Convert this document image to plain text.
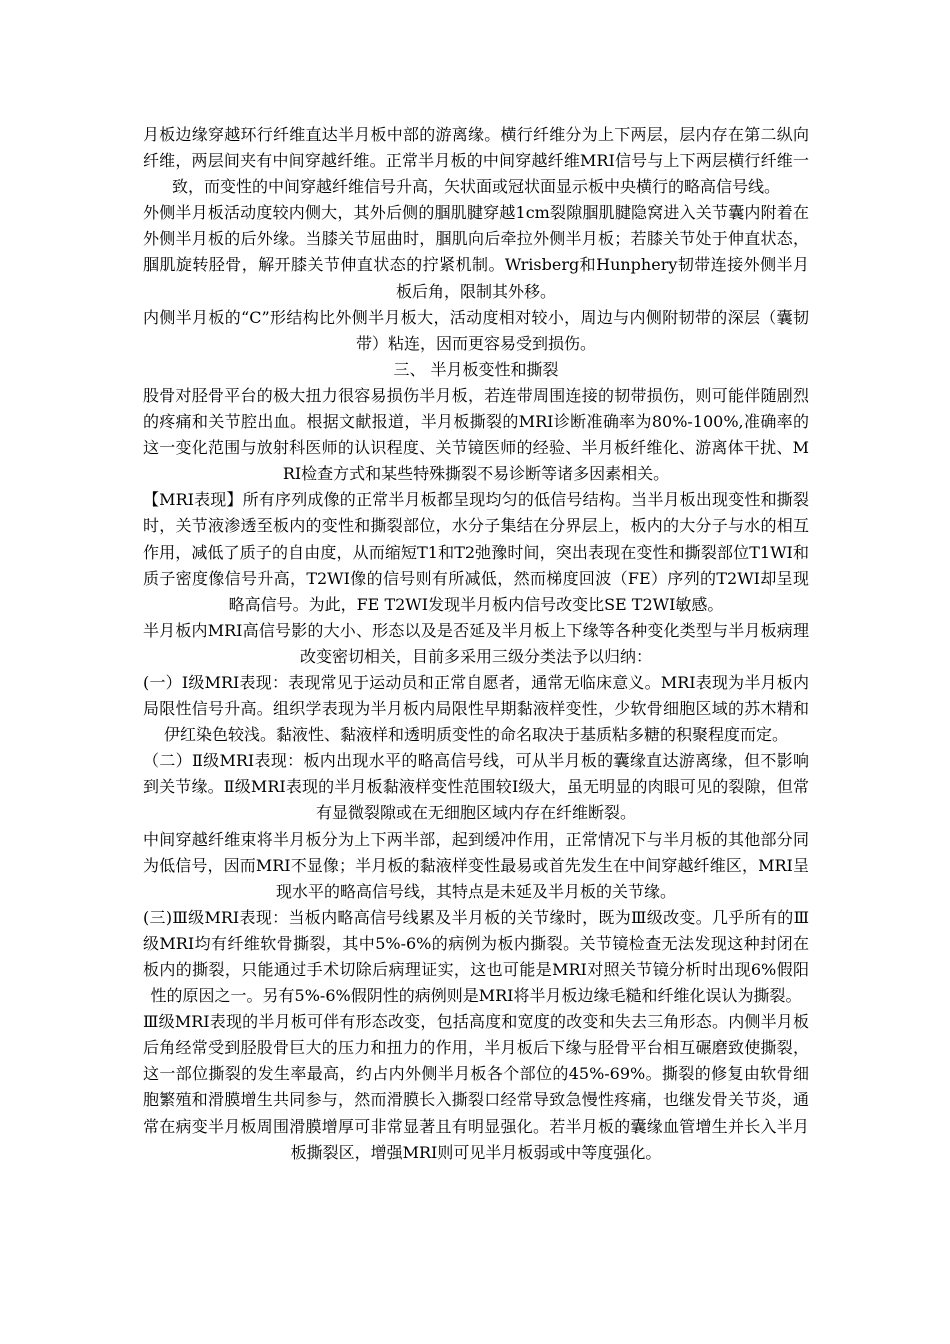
月板边缘穿越环行纤维直达半月板中部的游离缘。横行纤维分为上下两层，层内存在第二纵向纤维，两层间夹有中间穿越纤维。正常半月板的中间穿越纤维MRI信号与上下两层横行纤维一致，而变性的中间穿越纤维信号升高，矢状面或冠状面显示板中央横行的略高信号线。

外侧半月板活动度较内侧大，其外后侧的腘肌腱穿越1cm裂隙腘肌腱隐窝进入关节囊内附着在外侧半月板的后外缘。当膝关节屈曲时，腘肌向后牵拉外侧半月板；若膝关节处于伸直状态，腘肌旋转胫骨，解开膝关节伸直状态的拧紧机制。Wrisberg和Hunphery韧带连接外侧半月板后角，限制其外移。

内侧半月板的“C”形结构比外侧半月板大，活动度相对较小，周边与内侧附韧带的深层（囊韧带）粘连，因而更容易受到损伤。

三、 半月板变性和撕裂

股骨对胫骨平台的极大扭力很容易损伤半月板，若连带周围连接的韧带损伤，则可能伴随剧烈的疼痛和关节腔出血。根据文献报道，半月板撕裂的MRI诊断准确率为80%-100%,准确率的这一变化范围与放射科医师的认识程度、关节镜医师的经验、半月板纤维化、游离体干扰、MRI检查方式和某些特殊撕裂不易诊断等诸多因素相关。

【MRI表现】所有序列成像的正常半月板都呈现均匀的低信号结构。当半月板出现变性和撕裂时，关节液渗透至板内的变性和撕裂部位，水分子集结在分界层上，板内的大分子与水的相互作用，减低了质子的自由度，从而缩短T1和T2弛豫时间，突出表现在变性和撕裂部位T1WI和质子密度像信号升高，T2WI像的信号则有所减低，然而梯度回波（FE）序列的T2WI却呈现略高信号。为此，FE T2WI发现半月板内信号改变比SE T2WI敏感。

半月板内MRI高信号影的大小、形态以及是否延及半月板上下缘等各种变化类型与半月板病理改变密切相关，目前多采用三级分类法予以归纳：

(一）Ⅰ级MRI表现：表现常见于运动员和正常自愿者，通常无临床意义。MRI表现为半月板内局限性信号升高。组织学表现为半月板内局限性早期黏液样变性，少软骨细胞区域的苏木精和伊红染色较浅。黏液性、黏液样和透明质变性的命名取决于基质粘多糖的积聚程度而定。

（二）Ⅱ级MRI表现：板内出现水平的略高信号线，可从半月板的囊缘直达游离缘，但不影响到关节缘。Ⅱ级MRI表现的半月板黏液样变性范围较Ⅰ级大，虽无明显的肉眼可见的裂隙，但常有显微裂隙或在无细胞区域内存在纤维断裂。

中间穿越纤维束将半月板分为上下两半部，起到缓冲作用，正常情况下与半月板的其他部分同为低信号，因而MRI不显像；半月板的黏液样变性最易或首先发生在中间穿越纤维区，MRI呈现水平的略高信号线，其特点是未延及半月板的关节缘。

(三)Ⅲ级MRI表现：当板内略高信号线累及半月板的关节缘时，既为Ⅲ级改变。几乎所有的Ⅲ级MRI均有纤维软骨撕裂，其中5%-6%的病例为板内撕裂。关节镜检查无法发现这种封闭在板内的撕裂，只能通过手术切除后病理证实，这也可能是MRI对照关节镜分析时出现6%假阳性的原因之一。另有5%-6%假阴性的病例则是MRI将半月板边缘毛糙和纤维化误认为撕裂。

Ⅲ级MRI表现的半月板可伴有形态改变，包括高度和宽度的改变和失去三角形态。内侧半月板后角经常受到胫股骨巨大的压力和扭力的作用，半月板后下缘与胫骨平台相互碾磨致使撕裂，这一部位撕裂的发生率最高，约占内外侧半月板各个部位的45%-69%。撕裂的修复由软骨细胞繁殖和滑膜增生共同参与，然而滑膜长入撕裂口经常导致急慢性疼痛，也继发骨关节炎，通常在病变半月板周围滑膜增厚可非常显著且有明显强化。若半月板的囊缘血管增生并长入半月板撕裂区，增强MRI则可见半月板弱或中等度强化。
